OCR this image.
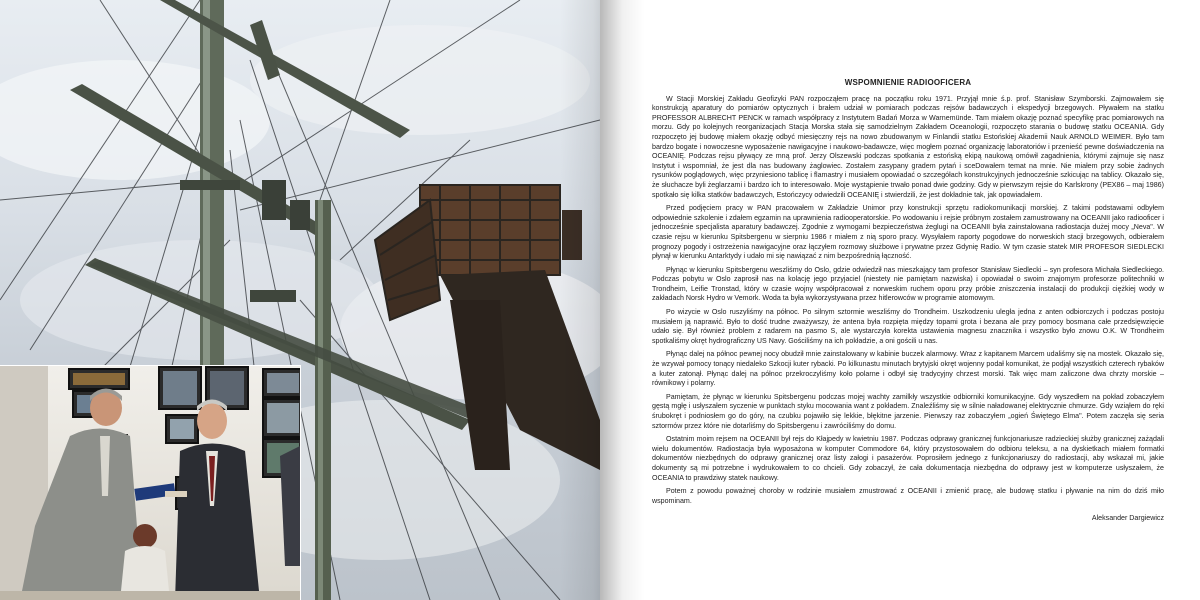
WSPOMNIENIE RADIOOFICERA

W Stacji Morskiej Zakładu Geofizyki PAN rozpocząłem pracę na początku roku 1971. Przyjął mnie ś.p. prof. Stanisław Szymborski. Zajmowałem się konstrukcją aparatury do pomiarów optycznych i brałem udział w pomiarach podczas rejsów badawczych i ekspedycji brzegowych. Pływałem na statku PROFESSOR ALBRECHT PENCK w ramach współpracy z Instytutem Badań Morza w Warnemünde. Tam miałem okazję poznać specyfikę prac pomiarowych na morzu. Gdy po kolejnych reorganizacjach Stacja Morska stała się samodzielnym Zakładem Oceanologii, rozpoczęto starania o budowę statku OCEANIA. Gdy rozpoczęto jej budowę miałem okazję odbyć miesięczny rejs na nowo zbudowanym w Finlandii statku Estońskiej Akademii Nauk ARNOLD WEIMER. Było tam bardzo bogate i nowoczesne wyposażenie nawigacyjne i naukowo-badawcze, więc mogłem poznać organizację laboratoriów i przenieść pewne doświadczenia na OCEANIĘ. Podczas rejsu pływący ze mną prof. Jerzy Olszewski podczas spotkania z estońską ekipą naukową omówił zagadnienia, którymi zajmuje się nasz Instytut i wspomniał, że jest dla nas budowany żaglowiec. Zostałem zasypany gradem pytań i sceDowałem temat na mnie. Nie miałem przy sobie żadnych rysunków poglądowych, więc przyniesiono tablicę i flamastry i musiałem opowiadać o szczegółach konstrukcyjnych jednocześnie szkicując na tablicy. Okazało się, że słuchacze byli żeglarzami i bardzo ich to interesowało. Moje wystąpienie trwało ponad dwie godziny. Gdy w pierwszym rejsie do Karlskrony (PEX86 – maj 1986) spotkało się kilka statków badawczych, Estończycy odwiedzili OCEANIĘ i stwierdzili, że jest dokładnie tak, jak opowiadałem.

Przed podjęciem pracy w PAN pracowałem w Zakładzie Unimor przy konstrukcji sprzętu radiokomunikacji morskiej. Z takimi podstawami odbyłem odpowiednie szkolenie i zdałem egzamin na uprawnienia radiooperatorskie. Po wodowaniu i rejsie próbnym zostałem zamustrowany na OCEANII jako radiooficer i jednocześnie specjalista aparatury badawczej. Zgodnie z wymogami bezpieczeństwa żeglugi na OCEANII była zainstalowana radiostacja dużej mocy „Neva". W czasie rejsu w kierunku Spitsbergenu w sierpniu 1986 r miałem z nią sporo pracy. Wysyłałem raporty pogodowe do norweskich stacji brzegowych, odbierałem prognozy pogody i ostrzeżenia nawigacyjne oraz łączyłem rozmowy służbowe i prywatne przez Gdynię Radio. W tym czasie statek MIR PROFESOR SIEDLECKI płynął w kierunku Antarktydy i udało mi się nawiązać z nim bezpośrednią łączność.

Płynąc w kierunku Spitsbergenu weszliśmy do Oslo, gdzie odwiedził nas mieszkający tam profesor Stanisław Siedlecki – syn profesora Michała Siedleckiego. Podczas pobytu w Oslo zaprosił nas na kolację jego przyjaciel (niestety nie pamiętam nazwiska) i opowiadał o swoim znajomym profesorze politechniki w Trondheim, Leifie Tronstad, który w czasie wojny współpracował z norweskim ruchem oporu przy próbie zniszczenia instalacji do produkcji ciężkiej wody w zakładach Norsk Hydro w Vemork. Woda ta była wykorzystywana przez hitlerowców w programie atomowym.

Po wizycie w Oslo ruszyliśmy na północ. Po silnym sztormie weszliśmy do Trondheim. Uszkodzeniu uległa jedna z anten odbiorczych i podczas postoju musiałem ją naprawić. Było to dość trudne zważywszy, że antena była rozpięta między topami grota i bezana ale przy pomocy bosmana całe przedsięwzięcie udało się. Był również problem z radarem na pasmo S, ale wystarczyła korekta ustawienia magnesu znacznika i wszystko było znowu O.K. W Trondheim spotkaliśmy okręt hydrograficzny US Navy. Gościliśmy na ich pokładzie, a oni gościli u nas.

Płynąc dalej na północ pewnej nocy obudził mnie zainstalowany w kabinie buczek alarmowy. Wraz z kapitanem Marcem udaliśmy się na mostek. Okazało się, że wzywał pomocy tonący niedaleko Szkocji kuter rybacki. Po kilkunastu minutach brytyjski okręt wojenny podał komunikat, że podjął wszystkich czterech rybaków a kuter zatonął. Płynąc dalej na północ przekroczyliśmy koło polarne i odbył się tradycyjny chrzest morski. Tak więc mam zaliczone dwa chrzty morskie – równikowy i polarny.

Pamiętam, że płynąc w kierunku Spitsbergenu podczas mojej wachty zamilkły wszystkie odbiorniki komunikacyjne. Gdy wyszedłem na pokład zobaczyłem gęstą mgłę i usłyszałem syczenie w punktach styku mocowania want z pokładem. Znaleźliśmy się w silnie naładowanej elektrycznie chmurze. Gdy wziąłem do ręki śrubokręt i podniosłem go do góry, na czubku pojawiło się lekkie, błękitne jarzenie. Pierwszy raz zobaczyłem „ogień Świętego Elma". Potem zaczęła się seria sztormów przez które nie dotarliśmy do Spitsbergenu i zawróciliśmy do domu.

Ostatnim moim rejsem na OCEANII był rejs do Kłajpedy w kwietniu 1987. Podczas odprawy granicznej funkcjonariusze radzieckiej służby granicznej zażądali wielu dokumentów. Radiostacja była wyposażona w komputer Commodore 64, który przystosowałem do odbioru teleksu, a na dyskietkach miałem formatki dokumentów niezbędnych do odprawy granicznej oraz listy załogi i pasażerów. Poprosiłem jednego z funkcjonariuszy do radiostacji, aby wskazał mi, jakie dokumenty są mi potrzebne i wydrukowałem to co chcieli. Gdy zobaczył, że cała dokumentacja niezbędna do odprawy jest w komputerze usłyszałem, że OCEANIA to prawdziwy statek naukowy.

Potem z powodu poważnej choroby w rodzinie musiałem zmustrować z OCEANII i zmienić pracę, ale budowę statku i pływanie na nim do dziś miło wspominam.

Aleksander Dargiewicz
